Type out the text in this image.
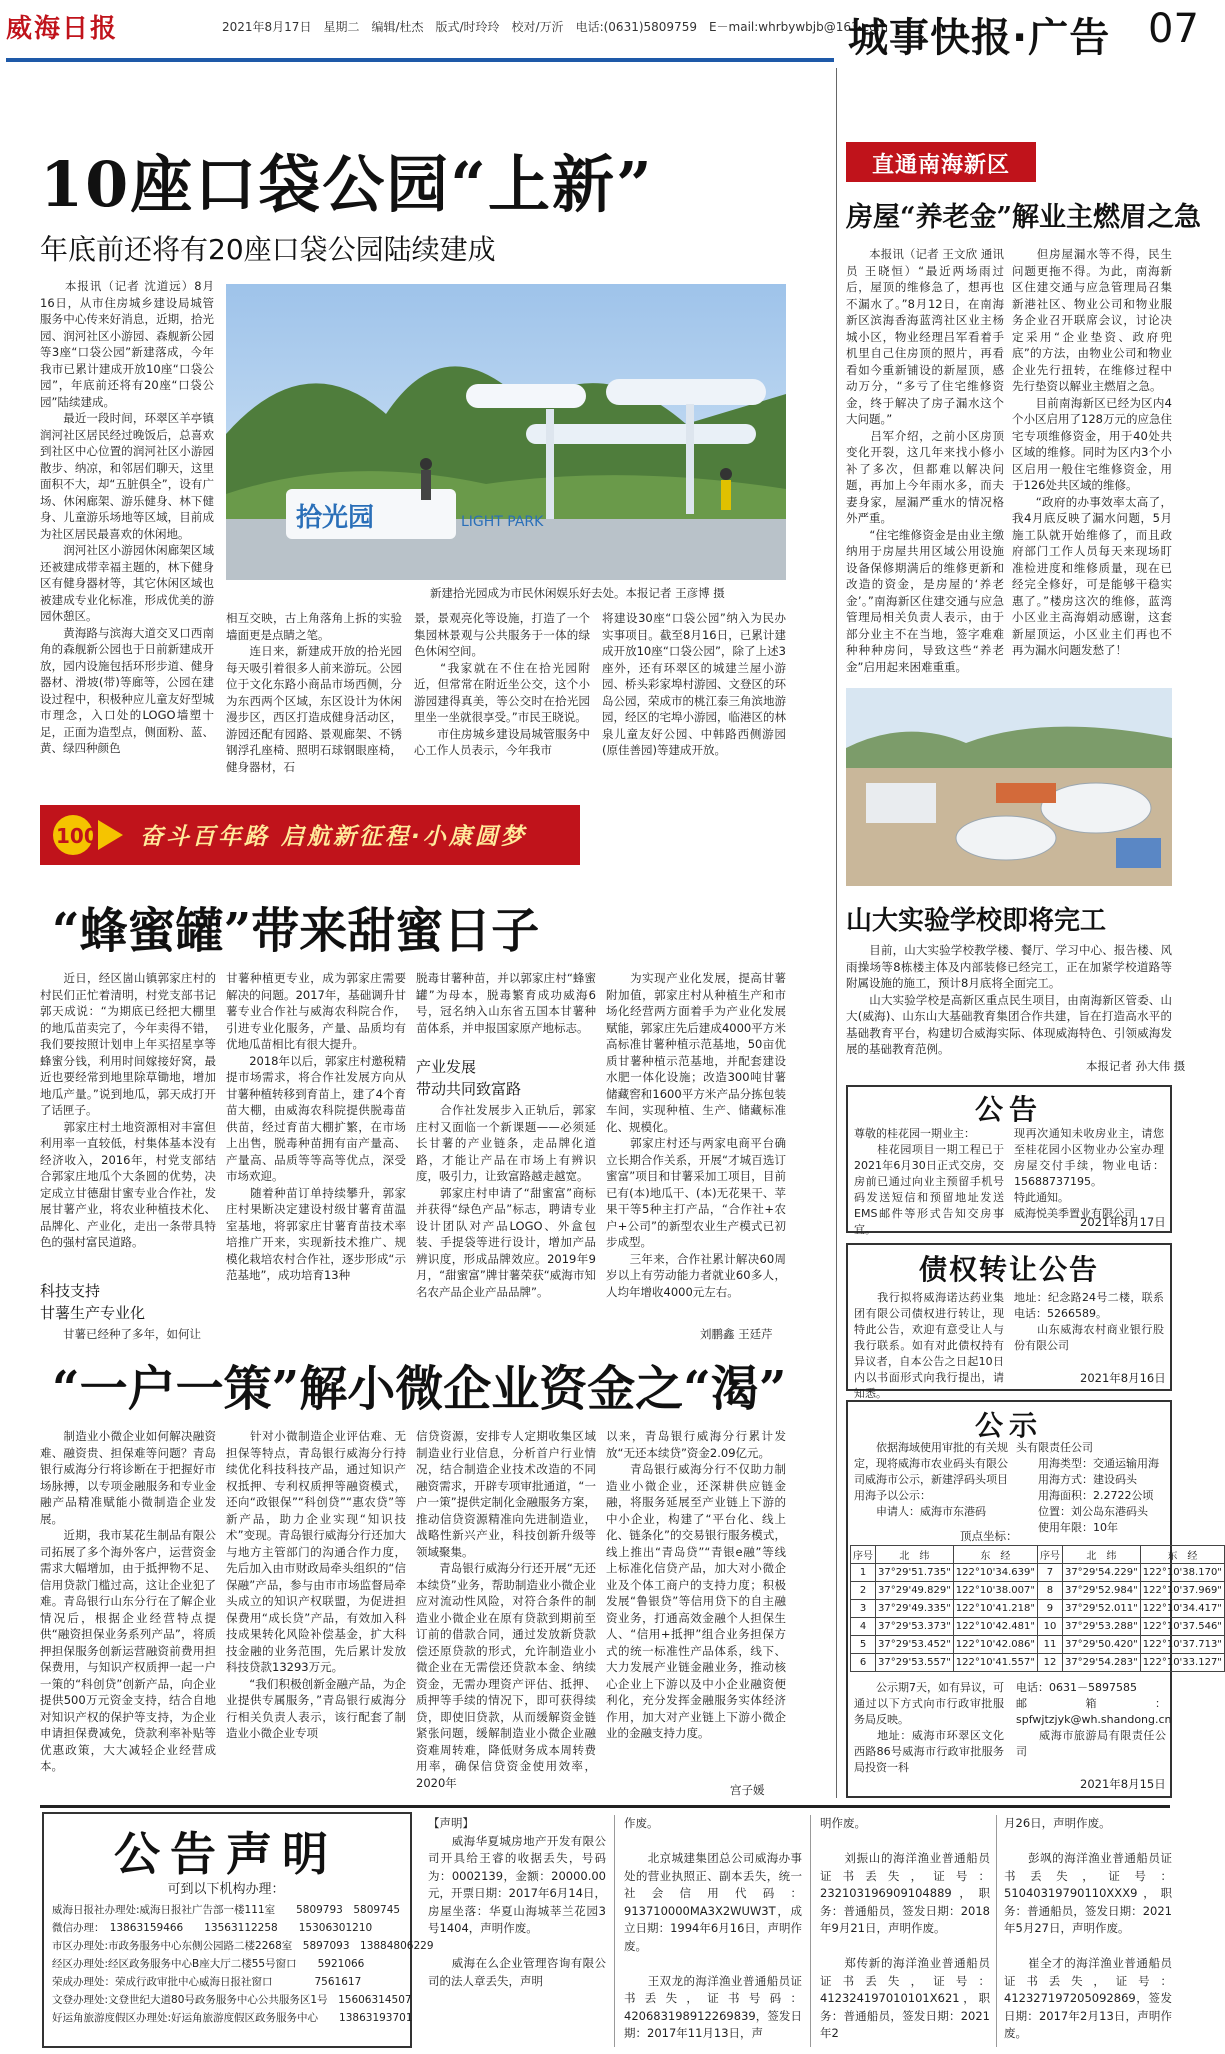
威海日报	2021年8月17日　星期二　编辑/杜杰　版式/时玲玲　校对/万沂　电话:(0631)5809759　E－mail:whrbywbjb@163.com
城事快报·广告 07
10座口袋公园“上新”
年底前还将有20座口袋公园陆续建成
　　本报讯（记者 沈道远）8月16日，从市住房城乡建设局城管服务中心传来好消息，近期，拾光园、润河社区小游园、森舰新公园等3座“口袋公园”新建落成，今年我市已累计建成开放10座“口袋公园”，年底前还将有20座“口袋公园”陆续建成。
　　最近一段时间，环翠区羊亭镇润河社区居民经过晚饭后，总喜欢到社区中心位置的润河社区小游园散步、纳凉，和邻居们聊天，这里面积不大，却“五脏俱全”，设有广场、休闲廊架、游乐健身、林下健身、儿童游乐场地等区域，目前成为社区居民最喜欢的休闲地。
　　润河社区小游园休闲廊架区域还被建成带幸福主题的，林下健身区有健身器材等，其它休闲区域也被建成专业化标准，形成优美的游园休憩区。
　　黄海路与滨海大道交叉口西南角的森舰新公园也于日前新建成开放，园内设施包括环形步道、健身器材、滑坡(带)等廊等，公园在建设过程中，积极种应儿童友好型城市理念，入口处的LOGO墙塑十足，正面为造型点，侧面粉、蓝、黄、绿四种颜色
拾光园	LIGHT PARK
新建拾光园成为市民休闲娱乐好去处。本报记者 王彦博 摄
相互交映，古上角落角上拆的实验墙面更是点睛之笔。
　　连日来，新建成开放的拾光园每天吸引着很多人前来游玩。公园位于文化东路小商品市场西侧，分为东西两个区域，东区设计为休闲漫步区，西区打造成健身活动区，游园还配有园路、景观廊架、不锈钢浮孔座椅、照明石球钢眼座椅，健身器材，石
景，景观亮化等设施，打造了一个集园林景观与公共服务于一体的绿色休闲空间。
　　“我家就在不住在拾光园附近，但常常在附近坐公交，这个小游园建得真美，等公交时在拾光园里坐一坐就很享受。”市民王晓说。
　　市住房城乡建设局城管服务中心工作人员表示，今年我市
将建设30座“口袋公园”纳入为民办实事项目。截至8月16日，已累计建成开放10座“口袋公园”，除了上述3座外，还有环翠区的城建兰屋小游园、桥头彩家埠村游园、文登区的环岛公园，荣成市的桃江泰三角滨地游园，经区的宅埠小游园，临港区的林泉儿童友好公园、中韩路西侧游园(原佳善园)等建成开放。
100 奋斗百年路 启航新征程·小康圆梦
“蜂蜜罐”带来甜蜜日子
　　近日，经区崮山镇郭家庄村的村民们正忙着清明，村党支部书记郭天成说：“为期底已经把大棚里的地瓜苗卖完了，今年卖得不错，我们要按照计划申上年买招星享等蜂蜜分钱，利用时间嫁接好窝，最近也要经常到地里除草锄地，增加地瓜产量。”说到地瓜，郭天成打开了话匣子。
　　郭家庄村土地资源相对丰富但利用率一直较低，村集体基本没有经济收入，2016年，村党支部结合郭家庄地瓜个大条圆的优势，决定成立甘德甜甘蜜专业合作社，发展甘薯产业，将农业种植技术化、品牌化、产业化，走出一条带具特色的强村富民道路。
科技支持
甘薯生产专业化
　　甘薯已经种了多年，如何让
甘薯种植更专业，成为郭家庄需要解决的问题。2017年，基础调升甘薯专业合作社与威海农科院合作，引进专业化服务，产量、品质均有优地瓜苗相比有很大提升。
　　2018年以后，郭家庄村邀税精提市场需求，将合作社发展方向从甘薯种植转移到育苗上，建了4个育苗大棚，由威海农科院提供脱毒苗供苗，经过育苗大棚扩繁，在市场上出售，脱毒种苗拥有亩产量高、产量高、品质等等高等优点，深受市场欢迎。
　　随着种苗订单持续攀升，郭家庄村果断决定建设村级甘薯育苗温室基地，将郭家庄甘薯育苗技术率培推广开来，实现新技术推广、规模化栽培农村合作社，逐步形成“示范基地”，成功培育13种
脱毒甘薯种苗，并以郭家庄村“蜂蜜罐”为母本，脱毒繁育成功威海6号，冠名纳入山东省五国本甘薯种苗体系，并申报国家原产地标志。
产业发展
带动共同致富路
　　合作社发展步入正轨后，郭家庄村又面临一个新课题——必须延长甘薯的产业链条，走品牌化道路，才能让产品在市场上有辨识度，吸引力，让致富路越走越宽。
　　郭家庄村申请了“甜蜜富”商标并获得“绿色产品”标志，聘请专业设计团队对产品LOGO、外盒包装、手提袋等进行设计，增加产品辨识度，形成品牌效应。2019年9月，“甜蜜富”牌甘薯荣获“威海市知名农产品企业产品品牌”。
　　为实现产业化发展，提高甘薯附加值，郭家庄村从种植生产和市场化经营两方面着手为产业化发展赋能，郭家庄先后建成4000平方米高标准甘薯种植示范基地，50亩优质甘薯种植示范基地，并配套建设水肥一体化设施；改造300吨甘薯储藏窖和1600平方米产品分拣包装车间，实现种植、生产、储藏标准化、规模化。
　　郭家庄村还与两家电商平台确立长期合作关系，开展“才城百选订蜜富”项目和甘薯采加工项目，目前已有(本)地瓜干、(本)无花果干、苹果干等5种主打产品，“合作社+农户+公司”的新型农业生产模式已初步成型。
　　三年来，合作社累计解决60周岁以上有劳动能力者就业60多人，人均年增收4000元左右。
刘鹏鑫 王廷芹
“一户一策”解小微企业资金之“渴”
　　制造业小微企业如何解决融资难、融资贵、担保难等问题？青岛银行威海分行将诊断在于把握好市场脉搏，以专项金融服务和专业金融产品精准赋能小微制造企业发展。
　　近期，我市某花生制品有限公司拓展了多个海外客户，运营资金需求大幅增加，由于抵押物不足、信用贷款门槛过高，这让企业犯了难。青岛银行山东分行在了解企业情况后，根据企业经营特点提供“融资担保业务系列产品”，将质押担保服务创新运营融资前费用担保费用，与知识产权质押一起一户一策的“科创贷”创新产品，向企业提供500万元资金支持，结合自地对知识产权的保护等支持，为企业申请担保费减免，贷款利率补贴等优惠政策，大大减轻企业经营成本。
　　针对小微制造企业评估难、无担保等特点，青岛银行威海分行持续优化科技科技产品，通过知识产权抵押、专利权质押等融资模式，还向“政银保”“科创贷”“惠农贷”等新产品，助力企业实现“知识技术”变现。青岛银行威海分行还加大与地方主管部门的沟通合作力度，先后加入由市财政局牵头组织的“信保融”产品，参与由市市场监督局牵头成立的知识产权联盟，为促进担保费用“成长贷”产品，有效加入科技成果转化风险补偿基金，扩大科技金融的业务范围，先后累计发放科技贷款13293万元。
　　“我们积极创新金融产品，为企业提供专属服务，”青岛银行威海分行相关负责人表示，该行配套了制造业小微企业专项
信贷资源，安排专人定期收集区域制造业行业信息，分析首户行业情况，结合制造企业技术改造的不同融资需求，开辟专项审批通道，“一户一策”提供定制化金融服务方案，推动信贷资源精准向先进制造业，战略性新兴产业，科技创新升级等领域聚集。
　　青岛银行威海分行还开展“无还本续贷”业务，帮助制造业小微企业应对流动性风险，对符合条件的制造业小微企业在原有贷款到期前至订前的借款合同，通过发放新贷款偿还原贷款的形式，允许制造业小微企业在无需偿还贷款本金、纳续资金，无需办理资产评估、抵押、质押等手续的情况下，即可获得续贷，即使旧贷款，从而缓解资金链紧张问题，缓解制造业小微企业融资难周转难，降低财务成本周转费用率，确保信贷资金使用效率，2020年
以来，青岛银行威海分行累计发放“无还本续贷”资金2.09亿元。
　　青岛银行威海分行不仅助力制造业小微企业，还深耕供应链金融，将服务延展至产业链上下游的中小企业，构建了“平台化、线上化、链条化”的交易银行服务模式，线上推出“青岛贷”“青银e融”等线上标准化信贷产品，加大对小微企业及个体工商户的支持力度；积极发展“鲁银贷”等信用贷下的自主融资业务，打通高效金融个人担保生人、“信用+抵押”组合业务担保方式的统一标准性产品体系，线下、大力发展产业链金融业务，推动核心企业上下游以及中小企业融资便利化，充分发挥金融服务实体经济作用，加大对产业链上下游小微企业的金融支持力度。
宫子媛
直通南海新区
房屋“养老金”解业主燃眉之急
　　本报讯（记者 王文欣 通讯员 王晓恒）“最近两场雨过后，屋顶的维修急了，想再也不漏水了。”8月12日，在南海新区滨海香海蓝湾社区业主杨城小区，物业经理吕军看着手机里自己住房顶的照片，再看看如今重新铺设的新屋顶，感动万分，“多亏了住宅维修资金，终于解决了房子漏水这个大问题。”
　　吕军介绍，之前小区房顶变化开裂，这几年来找小修小补了多次，但都难以解决问题，再加上今年雨水多，而夫妻身家，屋漏严重水的情况格外严重。
　　“住宅维修资金是由业主缴纳用于房屋共用区域公用设施设备保修期满后的维修更新和改造的资金，是房屋的‘养老金’。”南海新区住建交通与应急管理局相关负责人表示，由于部分业主不在当地，签字难难种种种房问，导致这些“养老金”启用起来困难重重。
　　但房屋漏水等不得，民生问题更拖不得。为此，南海新区住建交通与应急管理局召集新港社区、物业公司和物业服务企业召开联席会议，讨论决定采用“企业垫资、政府兜底”的方法，由物业公司和物业企业先行扭转，在维修过程中先行垫资以解业主燃眉之急。
　　目前南海新区已经为区内4个小区启用了128万元的应急住宅专项维修资金，用于40处共区域的维修。同时为区内3个小区启用一般住宅维修资金，用于126处共区域的维修。
　　“政府的办事效率太高了，我4月底反映了漏水问题，5月施工队就开始维修了，而且政府部门工作人员每天来现场盯准检进度和维修质量，现在已经完全修好，可是能够干稳实惠了。”楼房这次的维修，蓝湾小区业主高海娟动感谢，这套新屋顶运，小区业主们再也不再为漏水问题发愁了！
山大实验学校即将完工
　　目前，山大实验学校教学楼、餐厅、学习中心、报告楼、风雨操场等8栋楼主体及内部装修已经完工，正在加紧学校道路等附属设施的施工，预计8月底将全面完工。
　　山大实验学校是高新区重点民生项目，由南海新区管委、山大(威海)、山东山大基础教育集团合作共建，旨在打造高水平的基础教育平台，构建切合威海实际、体现威海特色、引领威海发展的基础教育范例。
本报记者 孙大伟 摄
公告
尊敬的桂花园一期业主：
　　桂花园项目一期工程已于2021年6月30日正式交房，交房前已通过向业主预留手机号码发送短信和预留地址发送EMS邮件等形式告知交房事宜。
现再次通知未收房业主，请您至桂花园小区物业办公室办理房屋交付手续，物业电话：15688737195。
特此通知。
威海悦美季置业有限公司
2021年8月17日
债权转让公告
　　我行拟将威海诺达药业集团有限公司债权进行转让，现特此公告，欢迎有意受让人与我行联系。如有对此债权持有异议者，自本公告之日起10日内以书面形式向我行提出，请知悉。
地址：纪念路24号二楼，联系电话：5266589。
　　山东威海农村商业银行股份有限公司
2021年8月16日
公示
　　依据海域使用审批的有关规定，现将威海市农业码头有限公司威海市公示，新建浮码头项目用海予以公示：
　　申请人：威海市东港码
头有限责任公司
　　用海类型：交通运输用海
　　用海方式：建设码头
　　用海面积：2.2722公顷
　　位置：刘公岛东港码头
　　使用年限：10年
顶点坐标：
序号	北　纬	东　经	序号	北　纬	东　经
1	37°29'51.735"	122°10'34.639"	7	37°29'54.229"	122°10'38.170"
2	37°29'49.829"	122°10'38.007"	8	37°29'52.984"	122°10'37.969"
3	37°29'49.335"	122°10'41.218"	9	37°29'52.011"	122°10'34.417"
4	37°29'53.373"	122°10'42.481"	10	37°29'53.288"	122°10'37.546"
5	37°29'53.452"	122°10'42.086"	11	37°29'50.420"	122°10'37.713"
6	37°29'53.557"	122°10'41.557"	12	37°29'54.283"	122°10'33.127"
　　公示期7天，如有异议，可通过以下方式向市行政审批服务局反映。
　　地址：威海市环翠区文化西路86号威海市行政审批服务局投资一科
电话：0631－5897585
邮箱：spfwjtzjyk@wh.shandong.cn
　　威海市旅游局有限责任公司
2021年8月15日
公告声明
可到以下机构办理：
威海日报社办理处:威海日报社广告部一楼111室　　5809793　5809745
微信办理：　13863159466　　13563112258　　15306301210
市区办理处:市政务服务中心东侧公园路二楼2268室　5897093　13884806229
经区办理处:经区政务服务中心B座大厅二楼55号窗口　　5921066
荣成办理处：荣成行政审批中心威海日报社窗口　　　　7561617
文登办理处:文登世纪大道80号政务服务中心公共服务区1号　15606314507
好运角旅游度假区办理处:好运角旅游度假区政务服务中心　　13863193701
【声明】
　　威海华夏城房地产开发有限公司开具给王睿的收据丢失，号码为：0002139，金额：20000.00元，开票日期：2017年6月14日，房屋坐落：华夏山海城莘兰花园3号1404，声明作废。

　　威海在么企业管理咨询有限公司的法人章丢失，声明
作废。

　　北京城建集团总公司威海办事处的营业执照正、副本丢失，统一社会信用代码：913710000MA3X2WUW3T，成立日期：1994年6月16日，声明作废。

　　王双龙的海洋渔业普通船员证书丢失，证书号码：420683198912269839，签发日期：2017年11月13日，声
明作废。

　　刘振山的海洋渔业普通船员证书丢失，证号：232103196909104889，职务：普通船员，签发日期：2018年9月21日，声明作废。

　　郑传新的海洋渔业普通船员证书丢失，证号：412324197010101X621，职务：普通船员，签发日期：2021年2
月26日，声明作废。

　　彭飒的海洋渔业普通船员证书丢失，证号：51040319790110XXX9，职务：普通船员，签发日期：2021年5月27日，声明作废。

　　崔全才的海洋渔业普通船员证书丢失，证号：412327197205092869，签发日期：2017年2月13日，声明作废。
